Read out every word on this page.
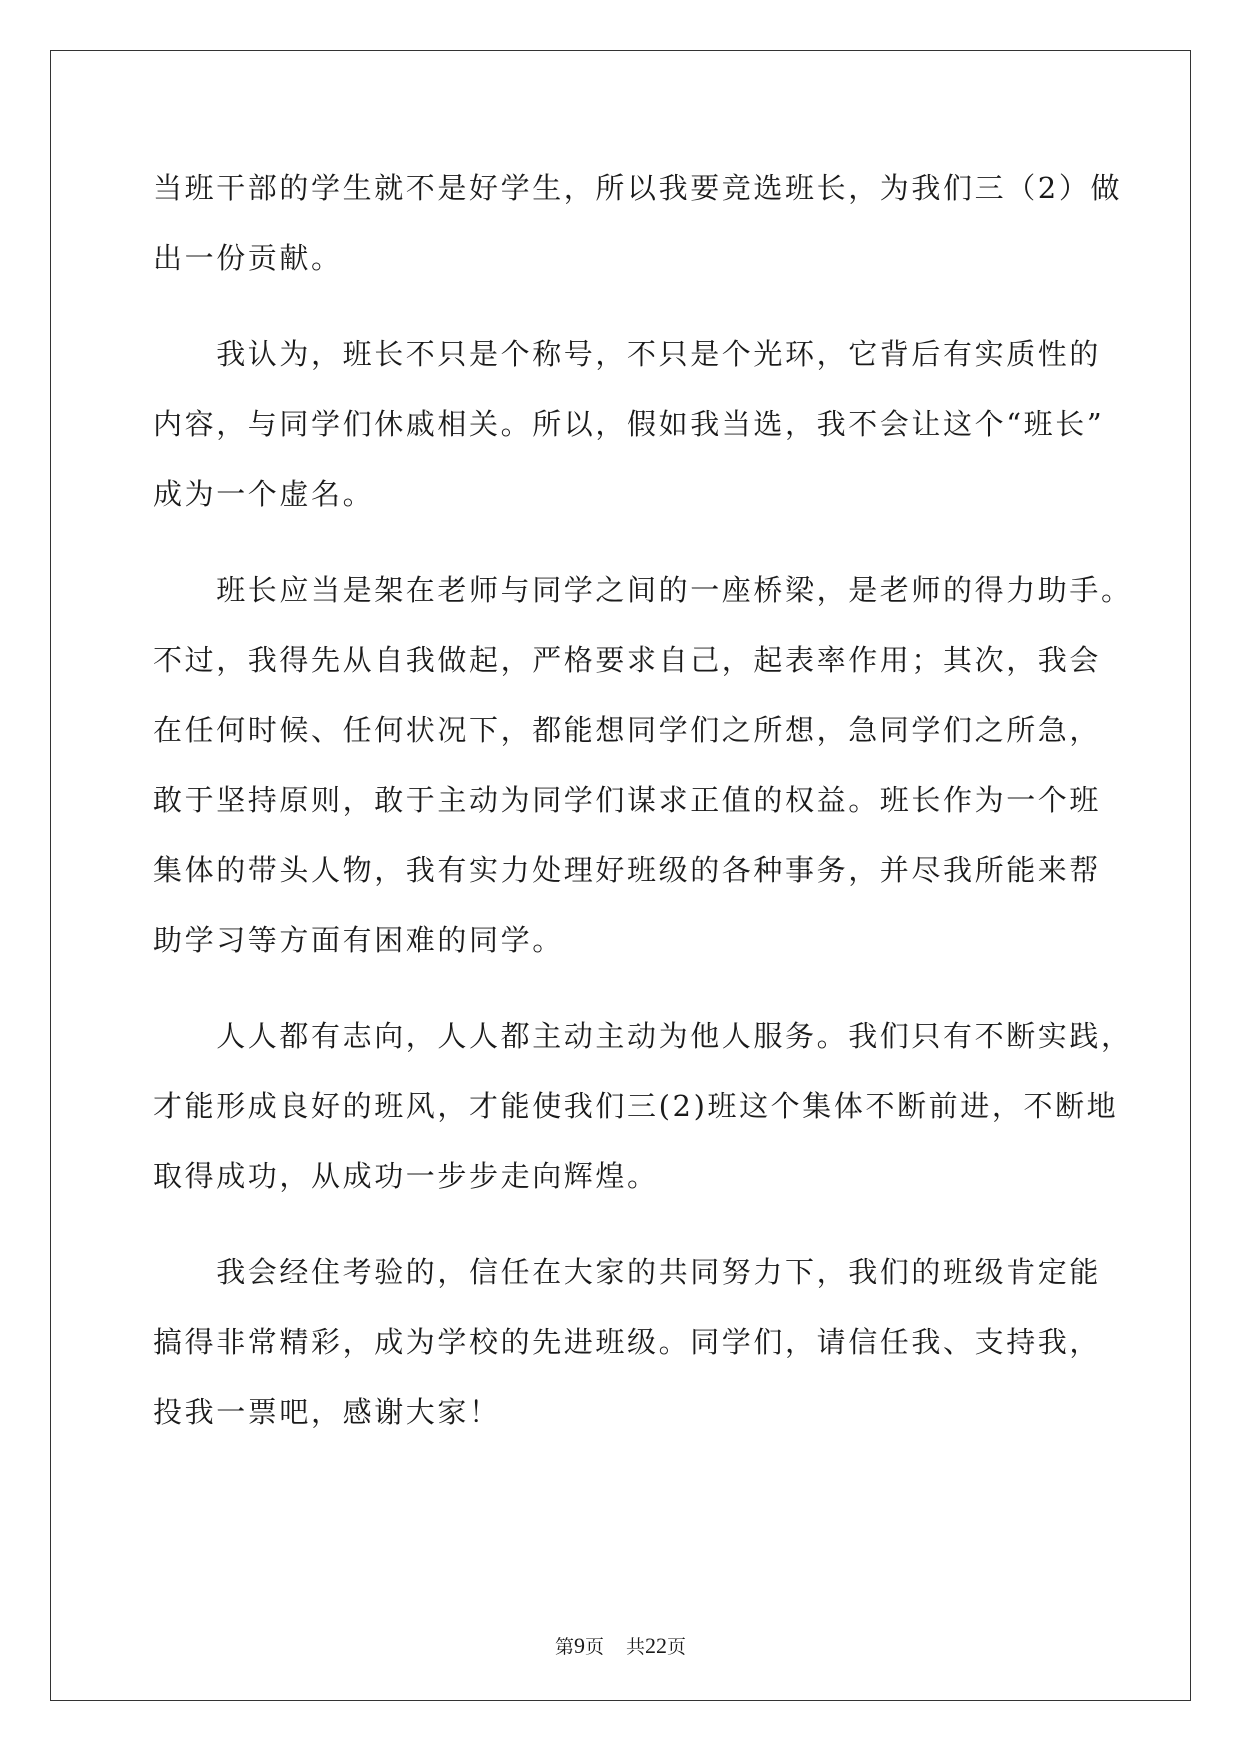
当班干部的学生就不是好学生，所以我要竞选班长，为我们三（2）做
出一份贡献。
　　我认为，班长不只是个称号，不只是个光环，它背后有实质性的
内容，与同学们休戚相关。所以，假如我当选，我不会让这个“班长”
成为一个虚名。
　　班长应当是架在老师与同学之间的一座桥梁，是老师的得力助手。
不过，我得先从自我做起，严格要求自己，起表率作用；其次，我会
在任何时候、任何状况下，都能想同学们之所想，急同学们之所急，
敢于坚持原则，敢于主动为同学们谋求正值的权益。班长作为一个班
集体的带头人物，我有实力处理好班级的各种事务，并尽我所能来帮
助学习等方面有困难的同学。
　　人人都有志向，人人都主动主动为他人服务。我们只有不断实践，
才能形成良好的班风，才能使我们三(2)班这个集体不断前进，不断地
取得成功，从成功一步步走向辉煌。
　　我会经住考验的，信任在大家的共同努力下，我们的班级肯定能
搞得非常精彩，成为学校的先进班级。同学们，请信任我、支持我，
投我一票吧，感谢大家！
第9页 共22页
